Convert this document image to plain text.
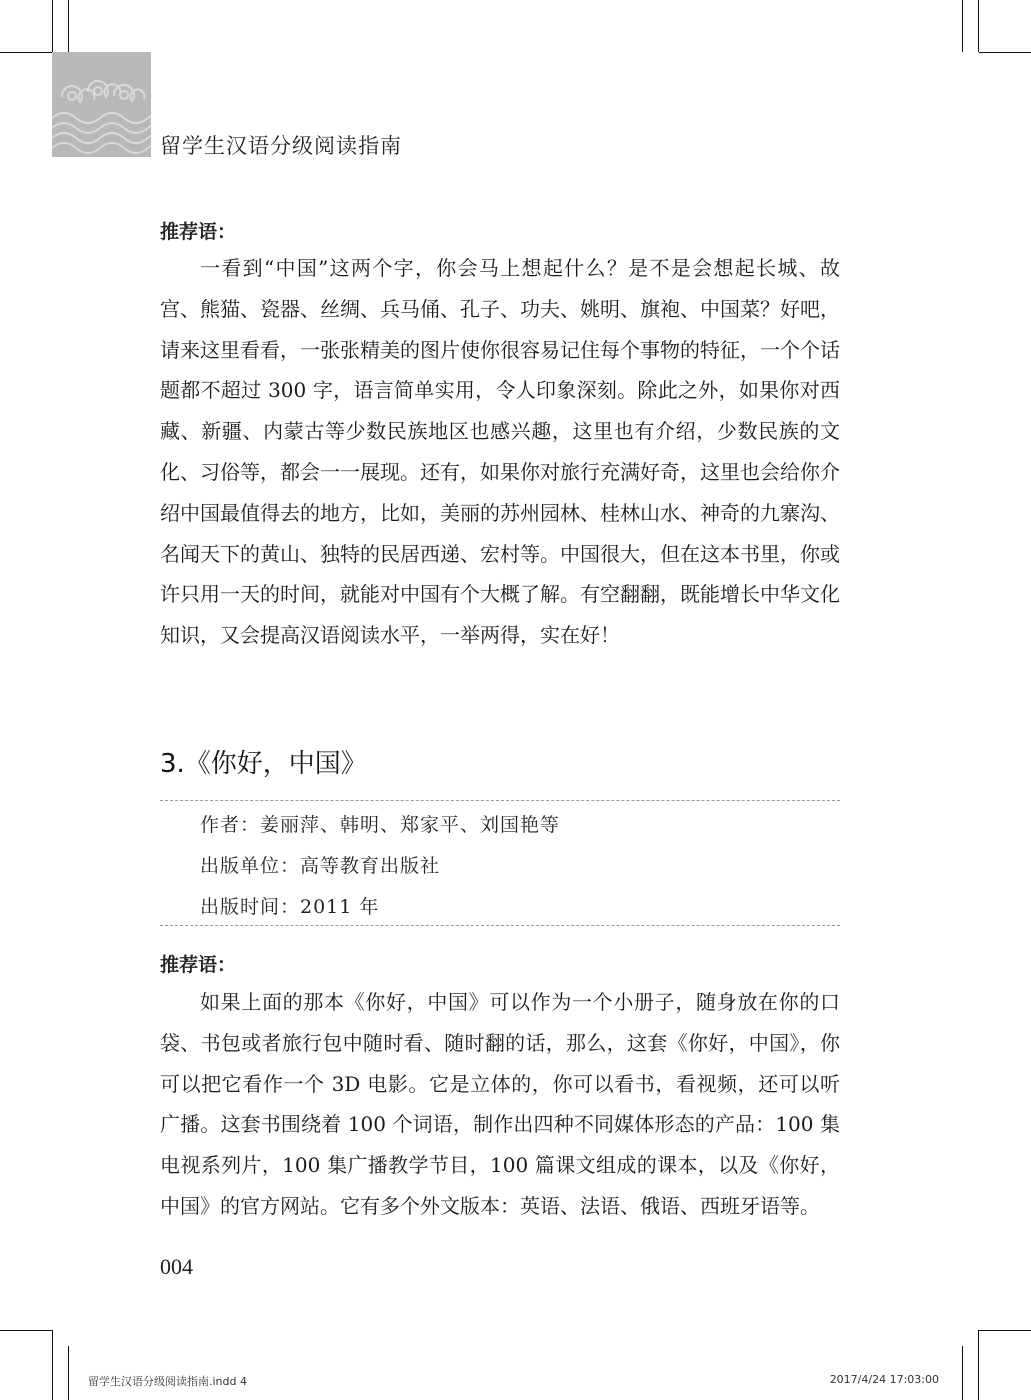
留学生汉语分级阅读指南
推荐语：

一看到“中国”这两个字，你会马上想起什么？是不是会想起长城、故宫、熊猫、瓷器、丝绸、兵马俑、孔子、功夫、姚明、旗袍、中国菜？好吧，请来这里看看，一张张精美的图片使你很容易记住每个事物的特征，一个个话题都不超过 300 字，语言简单实用，令人印象深刻。除此之外，如果你对西藏、新疆、内蒙古等少数民族地区也感兴趣，这里也有介绍，少数民族的文化、习俗等，都会一一展现。还有，如果你对旅行充满好奇，这里也会给你介绍中国最值得去的地方，比如，美丽的苏州园林、桂林山水、神奇的九寨沟、名闻天下的黄山、独特的民居西递、宏村等。中国很大，但在这本书里，你或许只用一天的时间，就能对中国有个大概了解。有空翻翻，既能增长中华文化知识，又会提高汉语阅读水平，一举两得，实在好！

3.《你好，中国》
作者：姜丽萍、韩明、郑家平、刘国艳等
出版单位：高等教育出版社
出版时间：2011 年
推荐语：

如果上面的那本《你好，中国》可以作为一个小册子，随身放在你的口袋、书包或者旅行包中随时看、随时翻的话，那么，这套《你好，中国》，你可以把它看作一个 3D 电影。它是立体的，你可以看书，看视频，还可以听广播。这套书围绕着 100 个词语，制作出四种不同媒体形态的产品：100 集电视系列片，100 集广播教学节目，100 篇课文组成的课本，以及《你好，中国》的官方网站。它有多个外文版本：英语、法语、俄语、西班牙语等。

004
留学生汉语分级阅读指南.indd 4	2017/4/24 17:03:00
